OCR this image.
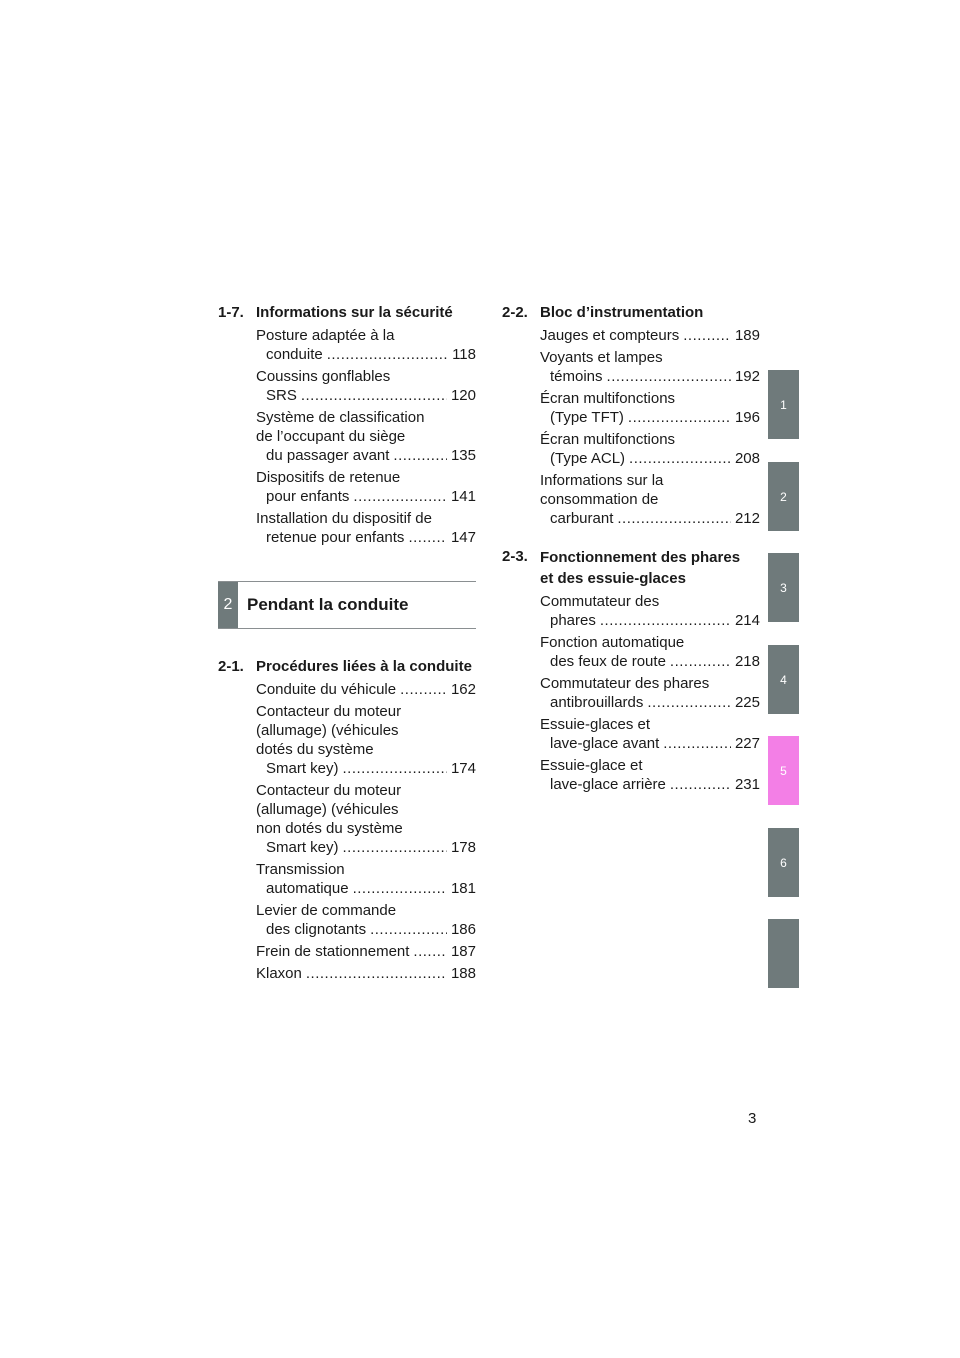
1-7. Informations sur la sécurité
Posture adaptée à la
conduite .....	118
Coussins gonflables
SRS .....	120
Système de classification
de l’occupant du siège
du passager avant .....	135
Dispositifs de retenue
pour enfants .....	141
Installation du dispositif de
retenue pour enfants .....	147
2 Pendant la conduite
2-1. Procédures liées à la conduite
Conduite du véhicule .....	162
Contacteur du moteur
(allumage) (véhicules
dotés du système
Smart key) .....	174
Contacteur du moteur
(allumage) (véhicules
non dotés du système
Smart key) .....	178
Transmission
automatique .....	181
Levier de commande
des clignotants .....	186
Frein de stationnement .....	187
Klaxon .....	188
2-2. Bloc d’instrumentation
Jauges et compteurs .....	189
Voyants et lampes
témoins .....	192
Écran multifonctions
(Type TFT) .....	196
Écran multifonctions
(Type ACL) .....	208
Informations sur la
consommation de
carburant .....	212
2-3. Fonctionnement des phares
et des essuie-glaces
Commutateur des
phares .....	214
Fonction automatique
des feux de route .....	218
Commutateur des phares
antibrouillards .....	225
Essuie-glaces et
lave-glace avant .....	227
Essuie-glace et
lave-glace arrière .....	231
1
2
3
4
5
6
3
